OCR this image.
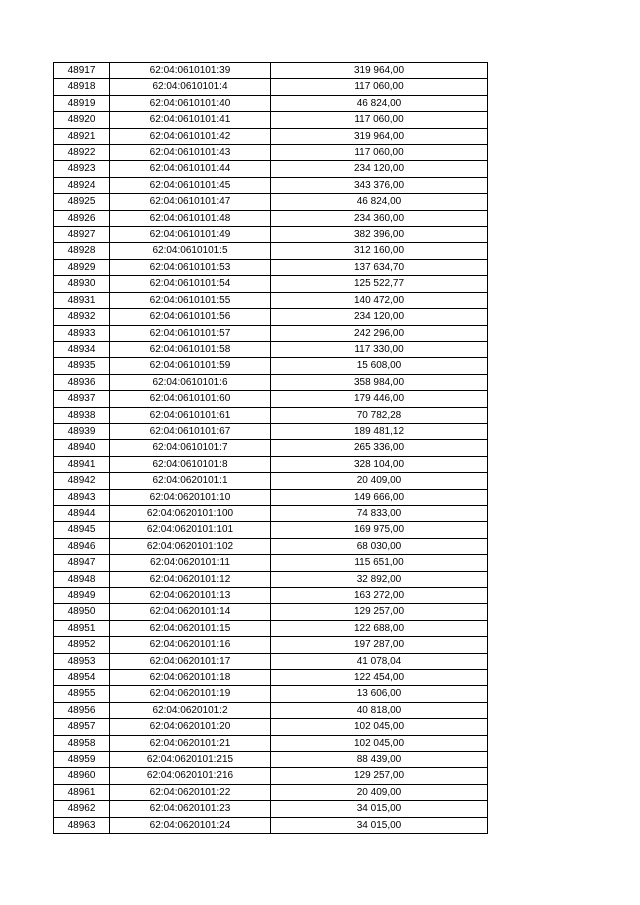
48917	62:04:0610101:39	319 964,00
48918	62:04:0610101:4	117 060,00
48919	62:04:0610101:40	46 824,00
48920	62:04:0610101:41	117 060,00
48921	62:04:0610101:42	319 964,00
48922	62:04:0610101:43	117 060,00
48923	62:04:0610101:44	234 120,00
48924	62:04:0610101:45	343 376,00
48925	62:04:0610101:47	46 824,00
48926	62:04:0610101:48	234 360,00
48927	62:04:0610101:49	382 396,00
48928	62:04:0610101:5	312 160,00
48929	62:04:0610101:53	137 634,70
48930	62:04:0610101:54	125 522,77
48931	62:04:0610101:55	140 472,00
48932	62:04:0610101:56	234 120,00
48933	62:04:0610101:57	242 296,00
48934	62:04:0610101:58	117 330,00
48935	62:04:0610101:59	15 608,00
48936	62:04:0610101:6	358 984,00
48937	62:04:0610101:60	179 446,00
48938	62:04:0610101:61	70 782,28
48939	62:04:0610101:67	189 481,12
48940	62:04:0610101:7	265 336,00
48941	62:04:0610101:8	328 104,00
48942	62:04:0620101:1	20 409,00
48943	62:04:0620101:10	149 666,00
48944	62:04:0620101:100	74 833,00
48945	62:04:0620101:101	169 975,00
48946	62:04:0620101:102	68 030,00
48947	62:04:0620101:11	115 651,00
48948	62:04:0620101:12	32 892,00
48949	62:04:0620101:13	163 272,00
48950	62:04:0620101:14	129 257,00
48951	62:04:0620101:15	122 688,00
48952	62:04:0620101:16	197 287,00
48953	62:04:0620101:17	41 078,04
48954	62:04:0620101:18	122 454,00
48955	62:04:0620101:19	13 606,00
48956	62:04:0620101:2	40 818,00
48957	62:04:0620101:20	102 045,00
48958	62:04:0620101:21	102 045,00
48959	62:04:0620101:215	88 439,00
48960	62:04:0620101:216	129 257,00
48961	62:04:0620101:22	20 409,00
48962	62:04:0620101:23	34 015,00
48963	62:04:0620101:24	34 015,00
